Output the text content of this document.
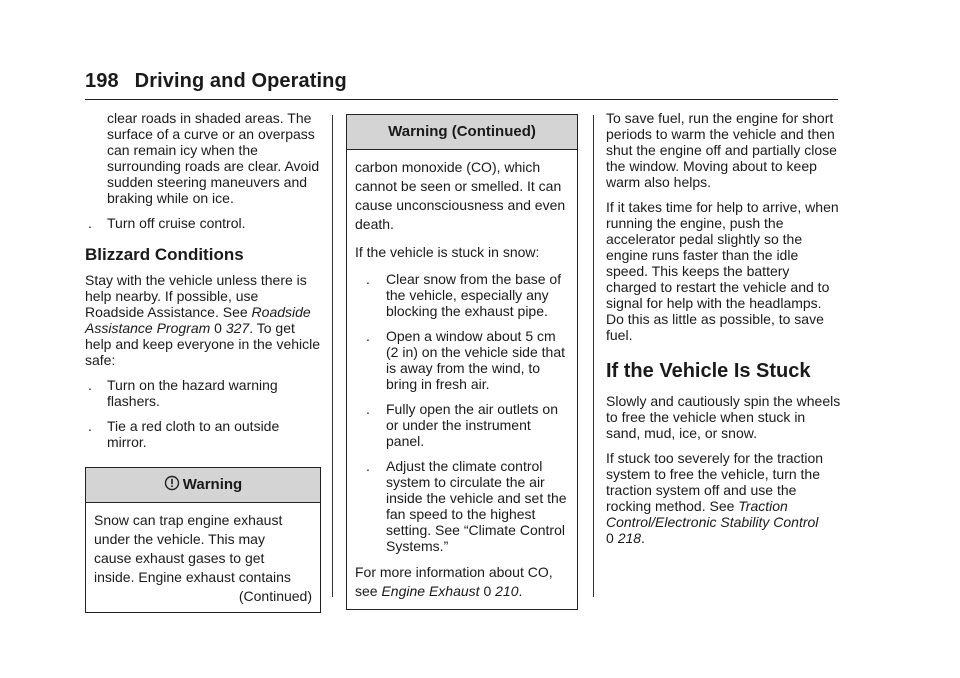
198 Driving and Operating

clear roads in shaded areas. The surface of a curve or an overpass can remain icy when the surrounding roads are clear. Avoid sudden steering maneuvers and braking while on ice.

. Turn off cruise control.
Blizzard Conditions

Stay with the vehicle unless there is help nearby. If possible, use Roadside Assistance. See Roadside Assistance Program 0 327. To get help and keep everyone in the vehicle safe:

. Turn on the hazard warning flashers.
. Tie a red cloth to an outside mirror.
Warning

Snow can trap engine exhaust
under the vehicle. This may
cause exhaust gases to get
inside. Engine exhaust contains

(Continued)

Warning (Continued)

carbon monoxide (CO), which cannot be seen or smelled. It can cause unconsciousness and even death.

If the vehicle is stuck in snow:

. Clear snow from the base of the vehicle, especially any blocking the exhaust pipe.
. Open a window about 5 cm (2 in) on the vehicle side that is away from the wind, to bring in fresh air.
. Fully open the air outlets on or under the instrument panel.
. Adjust the climate control system to circulate the air inside the vehicle and set the fan speed to the highest setting. See “Climate Control Systems.”

For more information about CO, see Engine Exhaust 0 210.

To save fuel, run the engine for short periods to warm the vehicle and then shut the engine off and partially close the window. Moving about to keep warm also helps.

If it takes time for help to arrive, when running the engine, push the accelerator pedal slightly so the engine runs faster than the idle speed. This keeps the battery charged to restart the vehicle and to signal for help with the headlamps. Do this as little as possible, to save fuel.

If the Vehicle Is Stuck

Slowly and cautiously spin the wheels to free the vehicle when stuck in sand, mud, ice, or snow.

If stuck too severely for the traction system to free the vehicle, turn the traction system off and use the rocking method. See Traction Control/Electronic Stability Control
0 218.
